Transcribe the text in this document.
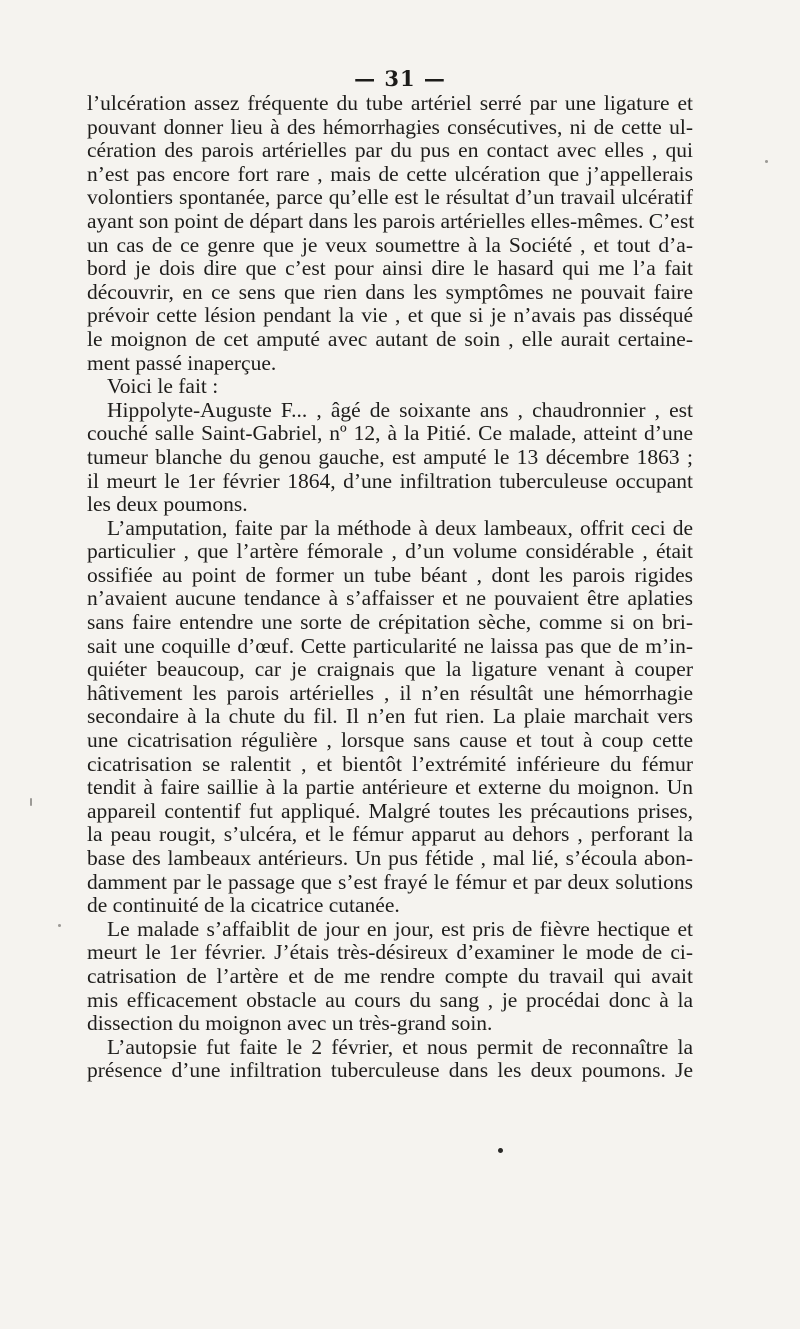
— 31 —
l’ulcération assez fréquente du tube artériel serré par une ligature et
pouvant donner lieu à des hémorrhagies consécutives, ni de cette ul-
cération des parois artérielles par du pus en contact avec elles , qui
n’est pas encore fort rare , mais de cette ulcération que j’appellerais
volontiers spontanée, parce qu’elle est le résultat d’un travail ulcératif
ayant son point de départ dans les parois artérielles elles-mêmes. C’est
un cas de ce genre que je veux soumettre à la Société , et tout d’a-
bord je dois dire que c’est pour ainsi dire le hasard qui me l’a fait
découvrir, en ce sens que rien dans les symptômes ne pouvait faire
prévoir cette lésion pendant la vie , et que si je n’avais pas disséqué
le moignon de cet amputé avec autant de soin , elle aurait certaine-
ment passé inaperçue.
Voici le fait :
Hippolyte-Auguste F... , âgé de soixante ans , chaudronnier , est
couché salle Saint-Gabriel, nº 12, à la Pitié. Ce malade, atteint d’une
tumeur blanche du genou gauche, est amputé le 13 décembre 1863 ;
il meurt le 1er février 1864, d’une infiltration tuberculeuse occupant
les deux poumons.
L’amputation, faite par la méthode à deux lambeaux, offrit ceci de
particulier , que l’artère fémorale , d’un volume considérable , était
ossifiée au point de former un tube béant , dont les parois rigides
n’avaient aucune tendance à s’affaisser et ne pouvaient être aplaties
sans faire entendre une sorte de crépitation sèche, comme si on bri-
sait une coquille d’œuf. Cette particularité ne laissa pas que de m’in-
quiéter beaucoup, car je craignais que la ligature venant à couper
hâtivement les parois artérielles , il n’en résultât une hémorrhagie
secondaire à la chute du fil. Il n’en fut rien. La plaie marchait vers
une cicatrisation régulière , lorsque sans cause et tout à coup cette
cicatrisation se ralentit , et bientôt l’extrémité inférieure du fémur
tendit à faire saillie à la partie antérieure et externe du moignon. Un
appareil contentif fut appliqué. Malgré toutes les précautions prises,
la peau rougit, s’ulcéra, et le fémur apparut au dehors , perforant la
base des lambeaux antérieurs. Un pus fétide , mal lié, s’écoula abon-
damment par le passage que s’est frayé le fémur et par deux solutions
de continuité de la cicatrice cutanée.
Le malade s’affaiblit de jour en jour, est pris de fièvre hectique et
meurt le 1er février. J’étais très-désireux d’examiner le mode de ci-
catrisation de l’artère et de me rendre compte du travail qui avait
mis efficacement obstacle au cours du sang , je procédai donc à la
dissection du moignon avec un très-grand soin.
L’autopsie fut faite le 2 février, et nous permit de reconnaître la
présence d’une infiltration tuberculeuse dans les deux poumons. Je
